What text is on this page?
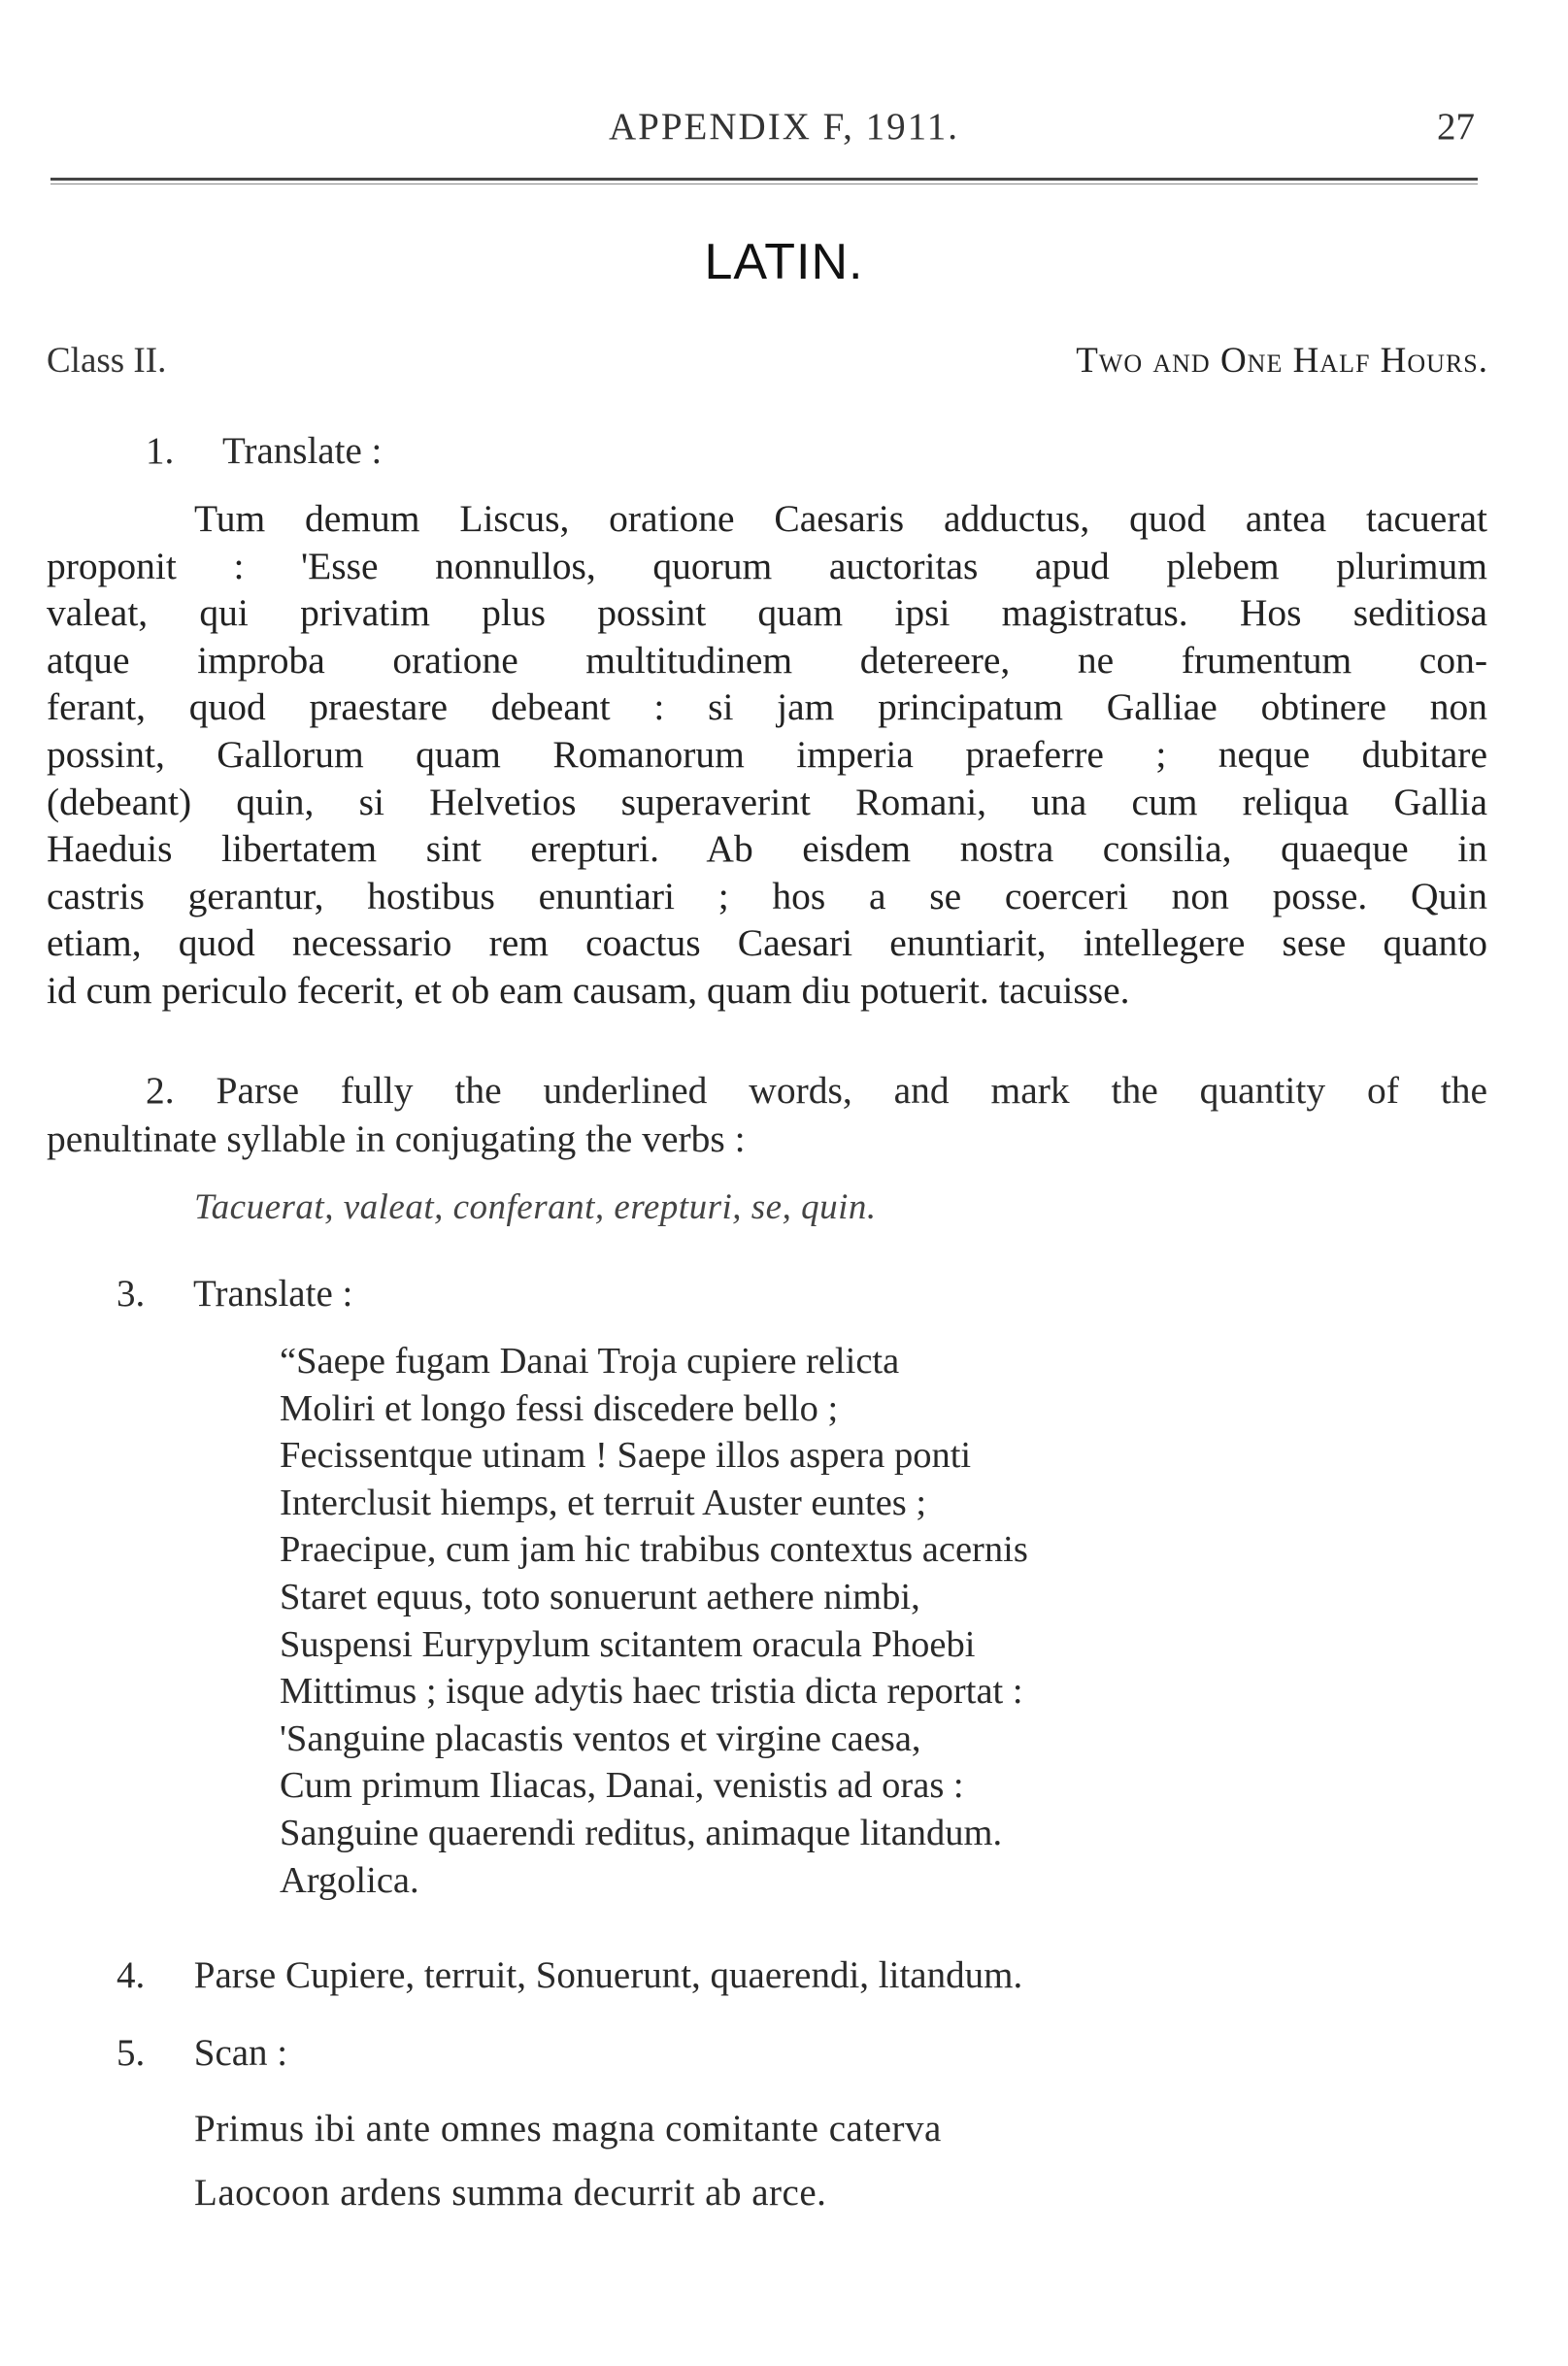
APPENDIX F, 1911.	27
LATIN.
Class II.	Two and One Half Hours.
1. Translate :
Tum demum Liscus, oratione Caesaris adductus, quod antea tacuerat
proponit : 'Esse nonnullos, quorum auctoritas apud plebem plurimum
valeat, qui privatim plus possint quam ipsi magistratus. Hos seditiosa
atque improba oratione multitudinem detereere, ne frumentum con-
ferant, quod praestare debeant : si jam principatum Galliae obtinere non
possint, Gallorum quam Romanorum imperia praeferre ; neque dubitare
(debeant) quin, si Helvetios superaverint Romani, una cum reliqua Gallia
Haeduis libertatem sint erepturi. Ab eisdem nostra consilia, quaeque in
castris gerantur, hostibus enuntiari ; hos a se coerceri non posse. Quin
etiam, quod necessario rem coactus Caesari enuntiarit, intellegere sese quanto
id cum periculo fecerit, et ob eam causam, quam diu potuerit. tacuisse.
2. Parse fully the underlined words, and mark the quantity of the
penultinate syllable in conjugating the verbs :
Tacuerat, valeat, conferant, erepturi, se, quin.
3. Translate :
“Saepe fugam Danai Troja cupiere relicta
Moliri et longo fessi discedere bello ;
Fecissentque utinam ! Saepe illos aspera ponti
Interclusit hiemps, et terruit Auster euntes ;
Praecipue, cum jam hic trabibus contextus acernis
Staret equus, toto sonuerunt aethere nimbi,
Suspensi Eurypylum scitantem oracula Phoebi
Mittimus ; isque adytis haec tristia dicta reportat :
'Sanguine placastis ventos et virgine caesa,
Cum primum Iliacas, Danai, venistis ad oras :
Sanguine quaerendi reditus, animaque litandum.
Argolica.
4. Parse Cupiere, terruit, Sonuerunt, quaerendi, litandum.
5. Scan :
Primus ibi ante omnes magna comitante caterva
Laocoon ardens summa decurrit ab arce.
